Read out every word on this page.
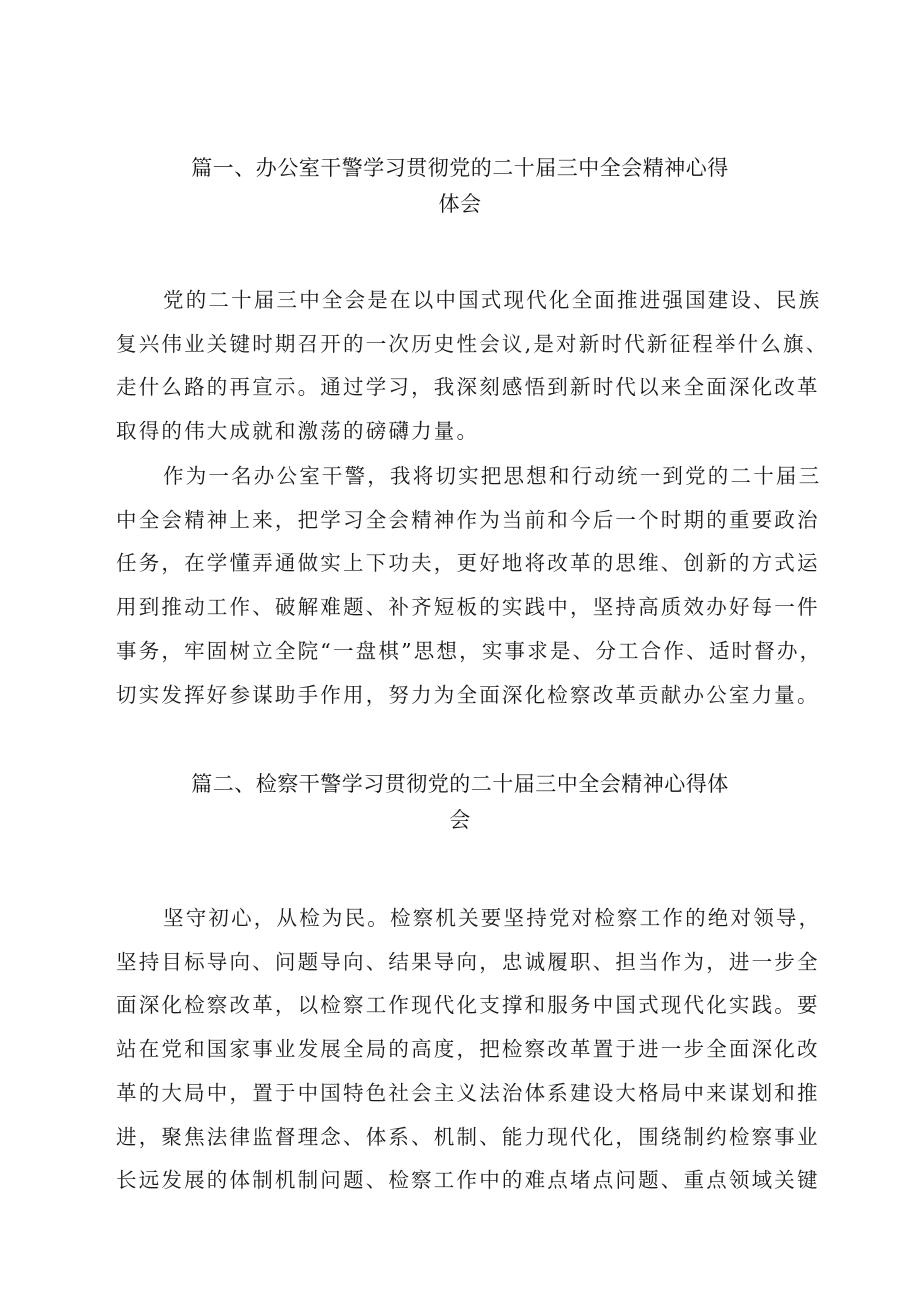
篇一、办公室干警学习贯彻党的二十届三中全会精神心得
体会
党的二十届三中全会是在以中国式现代化全面推进强国建设、民族
复兴伟业关键时期召开的一次历史性会议,是对新时代新征程举什么旗、
走什么路的再宣示。通过学习，我深刻感悟到新时代以来全面深化改革
取得的伟大成就和激荡的磅礴力量。
作为一名办公室干警，我将切实把思想和行动统一到党的二十届三
中全会精神上来，把学习全会精神作为当前和今后一个时期的重要政治
任务，在学懂弄通做实上下功夫，更好地将改革的思维、创新的方式运
用到推动工作、破解难题、补齐短板的实践中，坚持高质效办好每一件
事务，牢固树立全院“一盘棋”思想，实事求是、分工合作、适时督办，
切实发挥好参谋助手作用，努力为全面深化检察改革贡献办公室力量。
篇二、检察干警学习贯彻党的二十届三中全会精神心得体
会
坚守初心，从检为民。检察机关要坚持党对检察工作的绝对领导，
坚持目标导向、问题导向、结果导向，忠诚履职、担当作为，进一步全
面深化检察改革，以检察工作现代化支撑和服务中国式现代化实践。要
站在党和国家事业发展全局的高度，把检察改革置于进一步全面深化改
革的大局中，置于中国特色社会主义法治体系建设大格局中来谋划和推
进，聚焦法律监督理念、体系、机制、能力现代化，围绕制约检察事业
长远发展的体制机制问题、检察工作中的难点堵点问题、重点领域关键
